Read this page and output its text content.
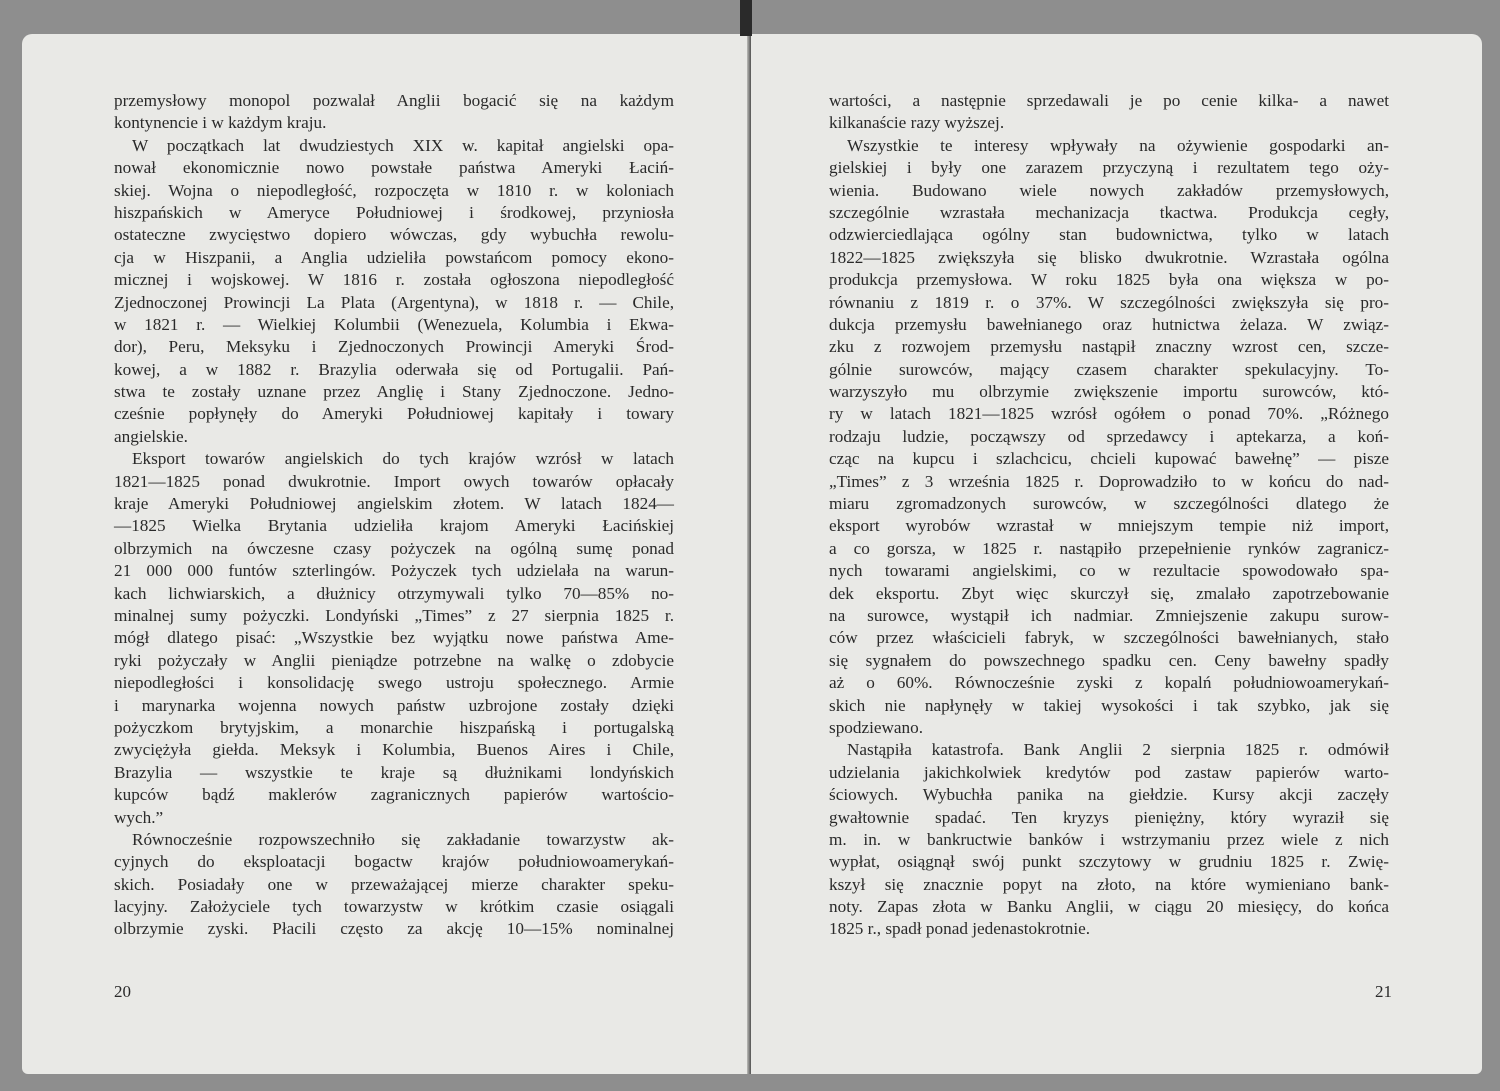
przemysłowy monopol pozwalał Anglii bogacić się na każdym
kontynencie i w każdym kraju.
W początkach lat dwudziestych XIX w. kapitał angielski opa-
nował ekonomicznie nowo powstałe państwa Ameryki Łaciń-
skiej. Wojna o niepodległość, rozpoczęta w 1810 r. w koloniach
hiszpańskich w Ameryce Południowej i środkowej, przyniosła
ostateczne zwycięstwo dopiero wówczas, gdy wybuchła rewolu-
cja w Hiszpanii, a Anglia udzieliła powstańcom pomocy ekono-
micznej i wojskowej. W 1816 r. została ogłoszona niepodległość
Zjednoczonej Prowincji La Plata (Argentyna), w 1818 r. — Chile,
w 1821 r. — Wielkiej Kolumbii (Wenezuela, Kolumbia i Ekwa-
dor), Peru, Meksyku i Zjednoczonych Prowincji Ameryki Środ-
kowej, a w 1882 r. Brazylia oderwała się od Portugalii. Pań-
stwa te zostały uznane przez Anglię i Stany Zjednoczone. Jedno-
cześnie popłynęły do Ameryki Południowej kapitały i towary
angielskie.
Eksport towarów angielskich do tych krajów wzrósł w latach
1821—1825 ponad dwukrotnie. Import owych towarów opłacały
kraje Ameryki Południowej angielskim złotem. W latach 1824—
—1825 Wielka Brytania udzieliła krajom Ameryki Łacińskiej
olbrzymich na ówczesne czasy pożyczek na ogólną sumę ponad
21 000 000 funtów szterlingów. Pożyczek tych udzielała na warun-
kach lichwiarskich, a dłużnicy otrzymywali tylko 70—85% no-
minalnej sumy pożyczki. Londyński „Times” z 27 sierpnia 1825 r.
mógł dlatego pisać: „Wszystkie bez wyjątku nowe państwa Ame-
ryki pożyczały w Anglii pieniądze potrzebne na walkę o zdobycie
niepodległości i konsolidację swego ustroju społecznego. Armie
i marynarka wojenna nowych państw uzbrojone zostały dzięki
pożyczkom brytyjskim, a monarchie hiszpańską i portugalską
zwyciężyła giełda. Meksyk i Kolumbia, Buenos Aires i Chile,
Brazylia — wszystkie te kraje są dłużnikami londyńskich
kupców bądź maklerów zagranicznych papierów wartościo-
wych.”
Równocześnie rozpowszechniło się zakładanie towarzystw ak-
cyjnych do eksploatacji bogactw krajów południowoamerykań-
skich. Posiadały one w przeważającej mierze charakter speku-
lacyjny. Założyciele tych towarzystw w krótkim czasie osiągali
olbrzymie zyski. Płacili często za akcję 10—15% nominalnej
20
wartości, a następnie sprzedawali je po cenie kilka- a nawet
kilkanaście razy wyższej.
Wszystkie te interesy wpływały na ożywienie gospodarki an-
gielskiej i były one zarazem przyczyną i rezultatem tego oży-
wienia. Budowano wiele nowych zakładów przemysłowych,
szczególnie wzrastała mechanizacja tkactwa. Produkcja cegły,
odzwierciedlająca ogólny stan budownictwa, tylko w latach
1822—1825 zwiększyła się blisko dwukrotnie. Wzrastała ogólna
produkcja przemysłowa. W roku 1825 była ona większa w po-
równaniu z 1819 r. o 37%. W szczególności zwiększyła się pro-
dukcja przemysłu bawełnianego oraz hutnictwa żelaza. W związ-
zku z rozwojem przemysłu nastąpił znaczny wzrost cen, szcze-
gólnie surowców, mający czasem charakter spekulacyjny. To-
warzyszyło mu olbrzymie zwiększenie importu surowców, któ-
ry w latach 1821—1825 wzrósł ogółem o ponad 70%. „Różnego
rodzaju ludzie, począwszy od sprzedawcy i aptekarza, a koń-
cząc na kupcu i szlachcicu, chcieli kupować bawełnę” — pisze
„Times” z 3 września 1825 r. Doprowadziło to w końcu do nad-
miaru zgromadzonych surowców, w szczególności dlatego że
eksport wyrobów wzrastał w mniejszym tempie niż import,
a co gorsza, w 1825 r. nastąpiło przepełnienie rynków zagranicz-
nych towarami angielskimi, co w rezultacie spowodowało spa-
dek eksportu. Zbyt więc skurczył się, zmalało zapotrzebowanie
na surowce, wystąpił ich nadmiar. Zmniejszenie zakupu surow-
ców przez właścicieli fabryk, w szczególności bawełnianych, stało
się sygnałem do powszechnego spadku cen. Ceny bawełny spadły
aż o 60%. Równocześnie zyski z kopalń południowoamerykań-
skich nie napłynęły w takiej wysokości i tak szybko, jak się
spodziewano.
Nastąpiła katastrofa. Bank Anglii 2 sierpnia 1825 r. odmówił
udzielania jakichkolwiek kredytów pod zastaw papierów warto-
ściowych. Wybuchła panika na giełdzie. Kursy akcji zaczęły
gwałtownie spadać. Ten kryzys pieniężny, który wyraził się
m. in. w bankructwie banków i wstrzymaniu przez wiele z nich
wypłat, osiągnął swój punkt szczytowy w grudniu 1825 r. Zwię-
kszył się znacznie popyt na złoto, na które wymieniano bank-
noty. Zapas złota w Banku Anglii, w ciągu 20 miesięcy, do końca
1825 r., spadł ponad jedenastokrotnie.
21
